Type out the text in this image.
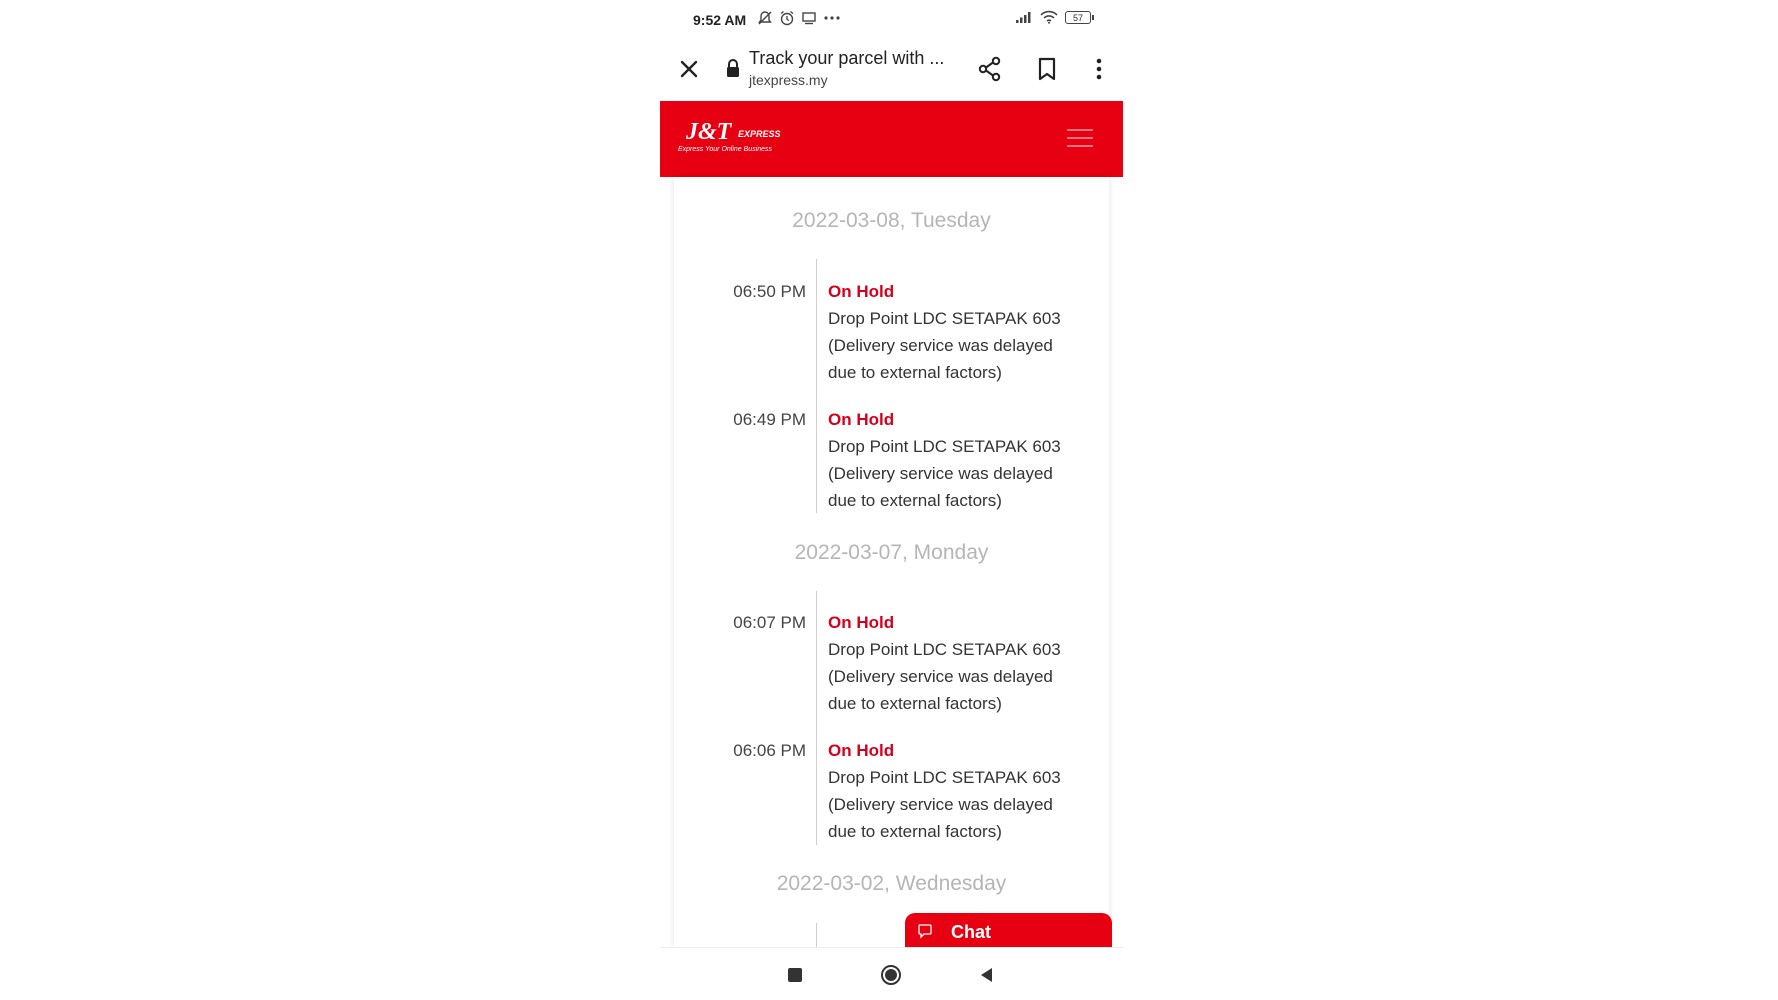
9:52 AM	57
Track your parcel with ...
jtexpress.my
J&T EXPRESS
Express Your Online Business
2022-03-08, Tuesday
06:50 PM On Hold
Drop Point LDC SETAPAK 603 (Delivery service was delayed due to external factors)
06:49 PM On Hold
Drop Point LDC SETAPAK 603 (Delivery service was delayed due to external factors)
2022-03-07, Monday
06:07 PM On Hold
Drop Point LDC SETAPAK 603 (Delivery service was delayed due to external factors)
06:06 PM On Hold
Drop Point LDC SETAPAK 603 (Delivery service was delayed due to external factors)
2022-03-02, Wednesday
Chat
